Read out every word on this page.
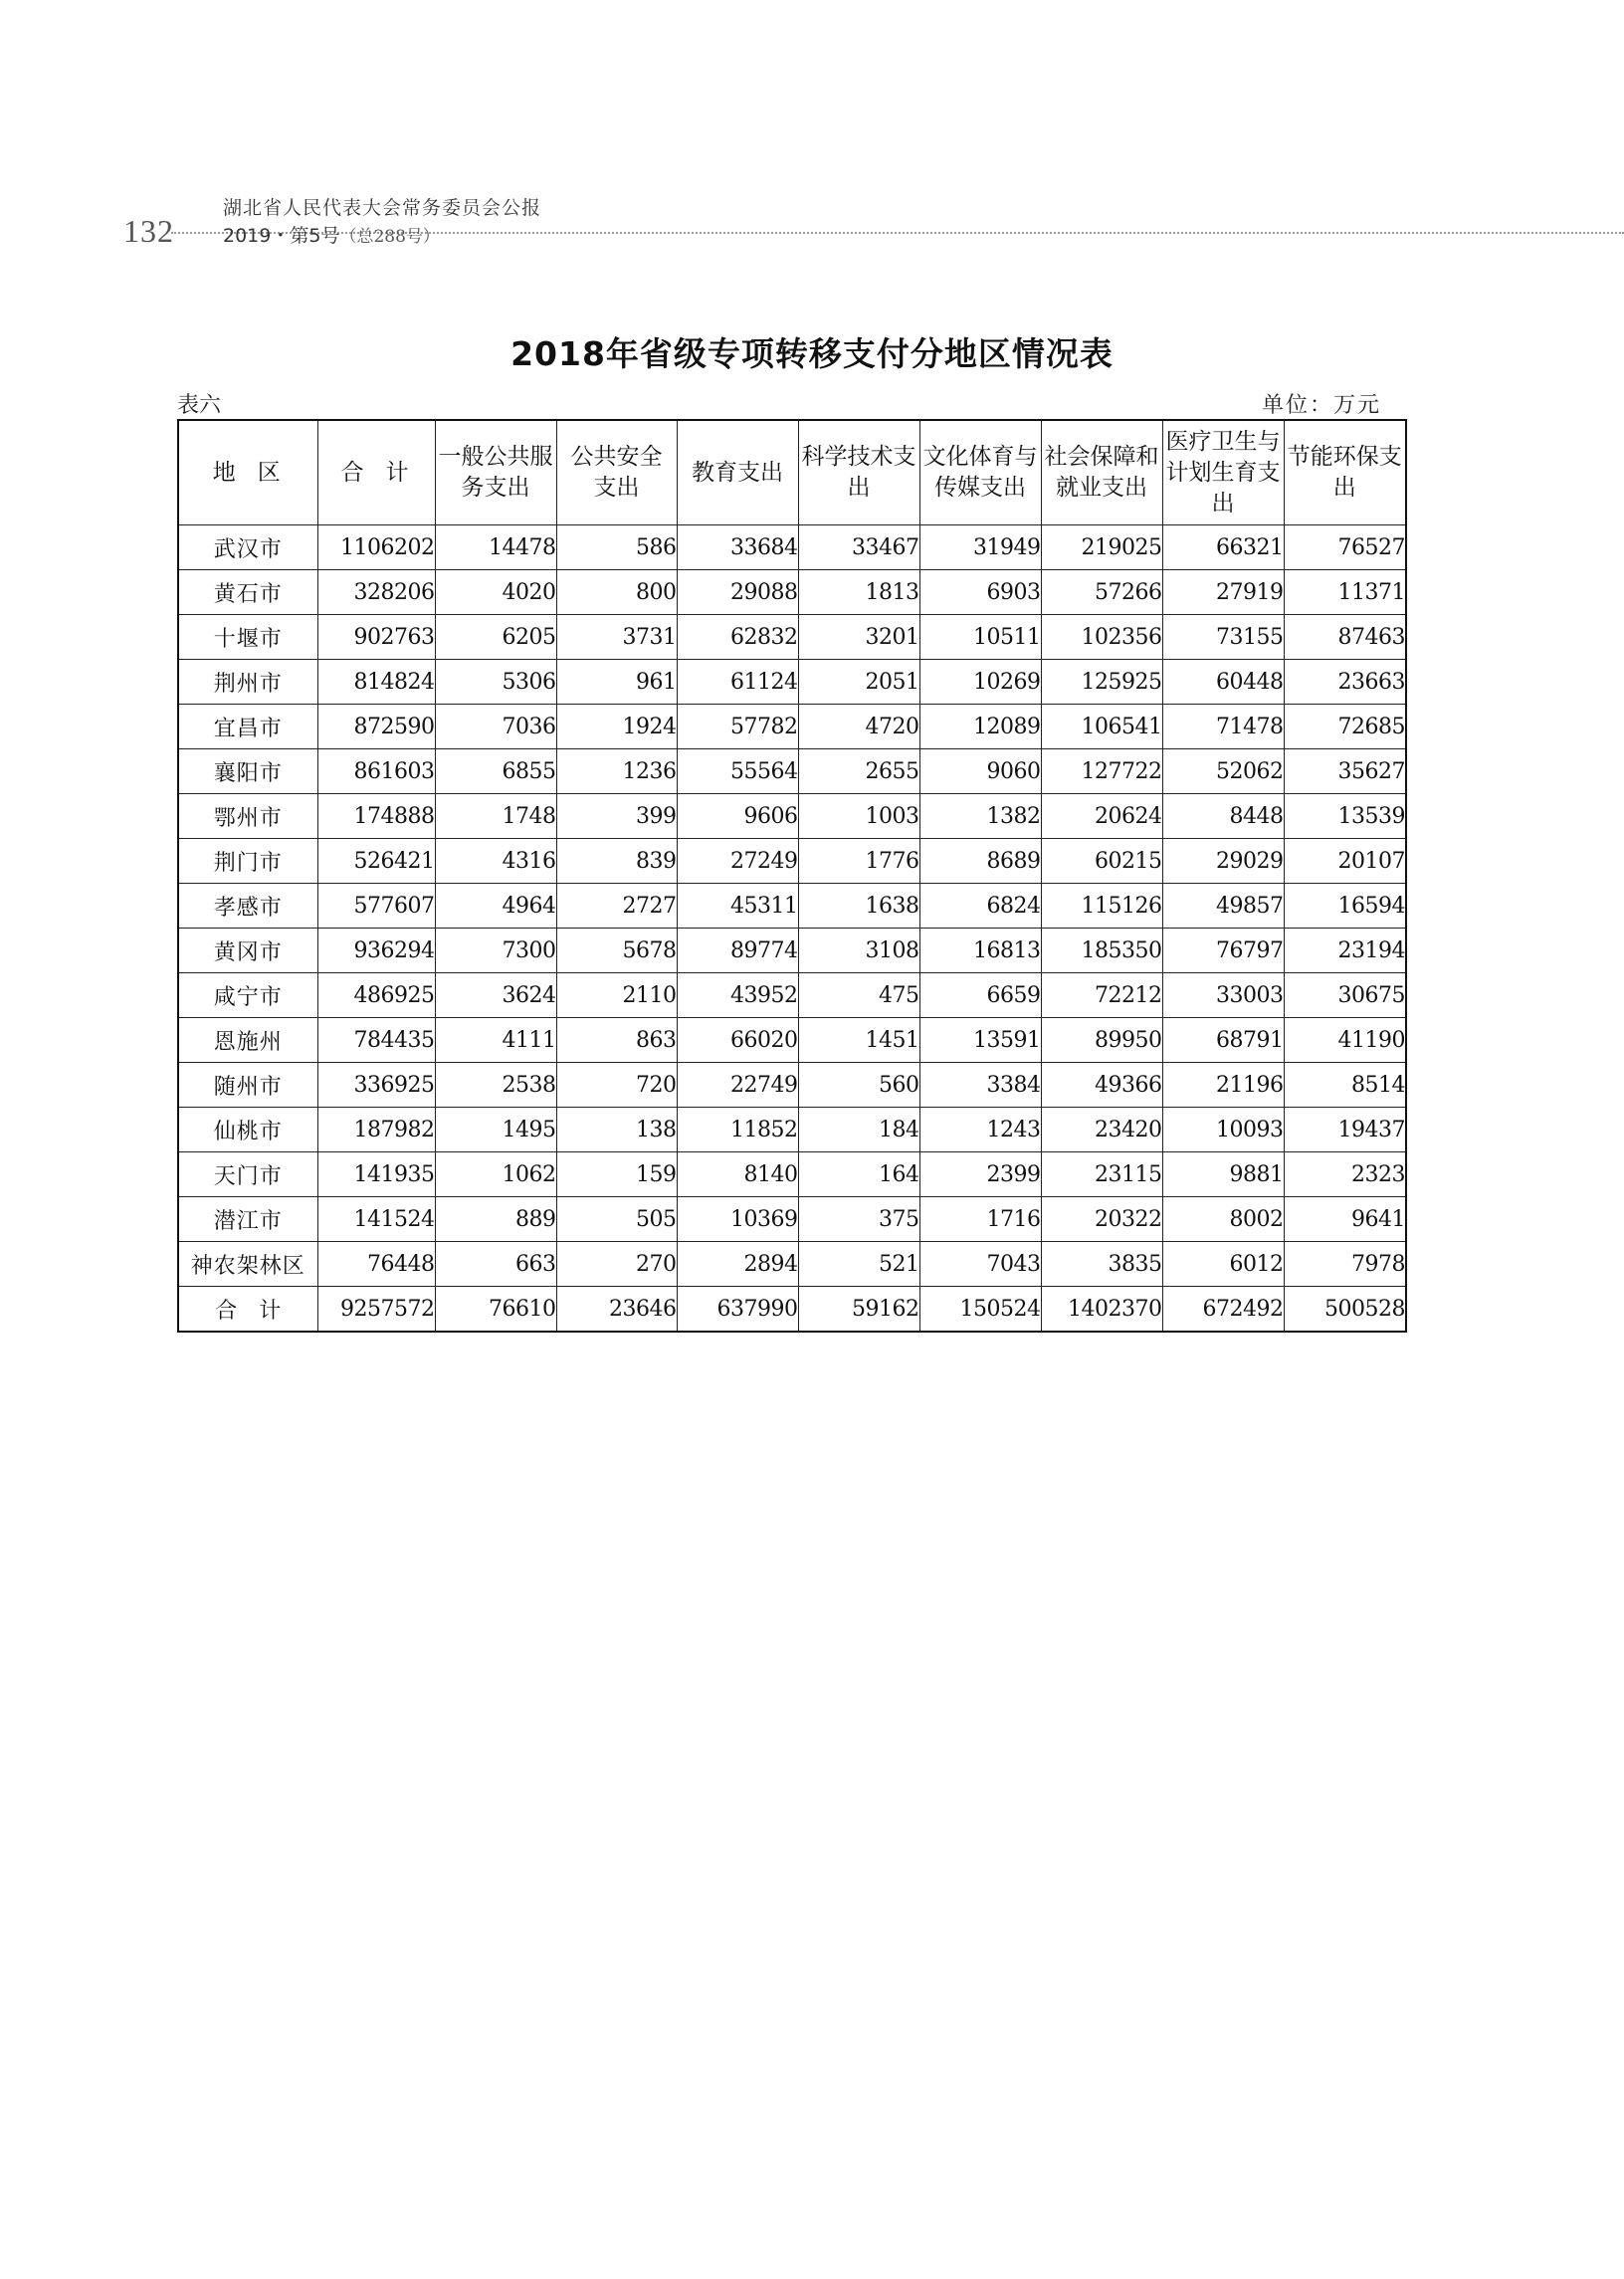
132
湖北省人民代表大会常务委员会公报
2019・第5号（总288号）
2018年省级专项转移支付分地区情况表
表六	单位：万元
地区	合计	一般公共服务支出	公共安全支出	教育支出	科学技术支出	文化体育与传媒支出	社会保障和就业支出	医疗卫生与计划生育支出	节能环保支出
武汉市	1106202	14478	586	33684	33467	31949	219025	66321	76527
黄石市	328206	4020	800	29088	1813	6903	57266	27919	11371
十堰市	902763	6205	3731	62832	3201	10511	102356	73155	87463
荆州市	814824	5306	961	61124	2051	10269	125925	60448	23663
宜昌市	872590	7036	1924	57782	4720	12089	106541	71478	72685
襄阳市	861603	6855	1236	55564	2655	9060	127722	52062	35627
鄂州市	174888	1748	399	9606	1003	1382	20624	8448	13539
荆门市	526421	4316	839	27249	1776	8689	60215	29029	20107
孝感市	577607	4964	2727	45311	1638	6824	115126	49857	16594
黄冈市	936294	7300	5678	89774	3108	16813	185350	76797	23194
咸宁市	486925	3624	2110	43952	475	6659	72212	33003	30675
恩施州	784435	4111	863	66020	1451	13591	89950	68791	41190
随州市	336925	2538	720	22749	560	3384	49366	21196	8514
仙桃市	187982	1495	138	11852	184	1243	23420	10093	19437
天门市	141935	1062	159	8140	164	2399	23115	9881	2323
潜江市	141524	889	505	10369	375	1716	20322	8002	9641
神农架林区	76448	663	270	2894	521	7043	3835	6012	7978
合计	9257572	76610	23646	637990	59162	150524	1402370	672492	500528
